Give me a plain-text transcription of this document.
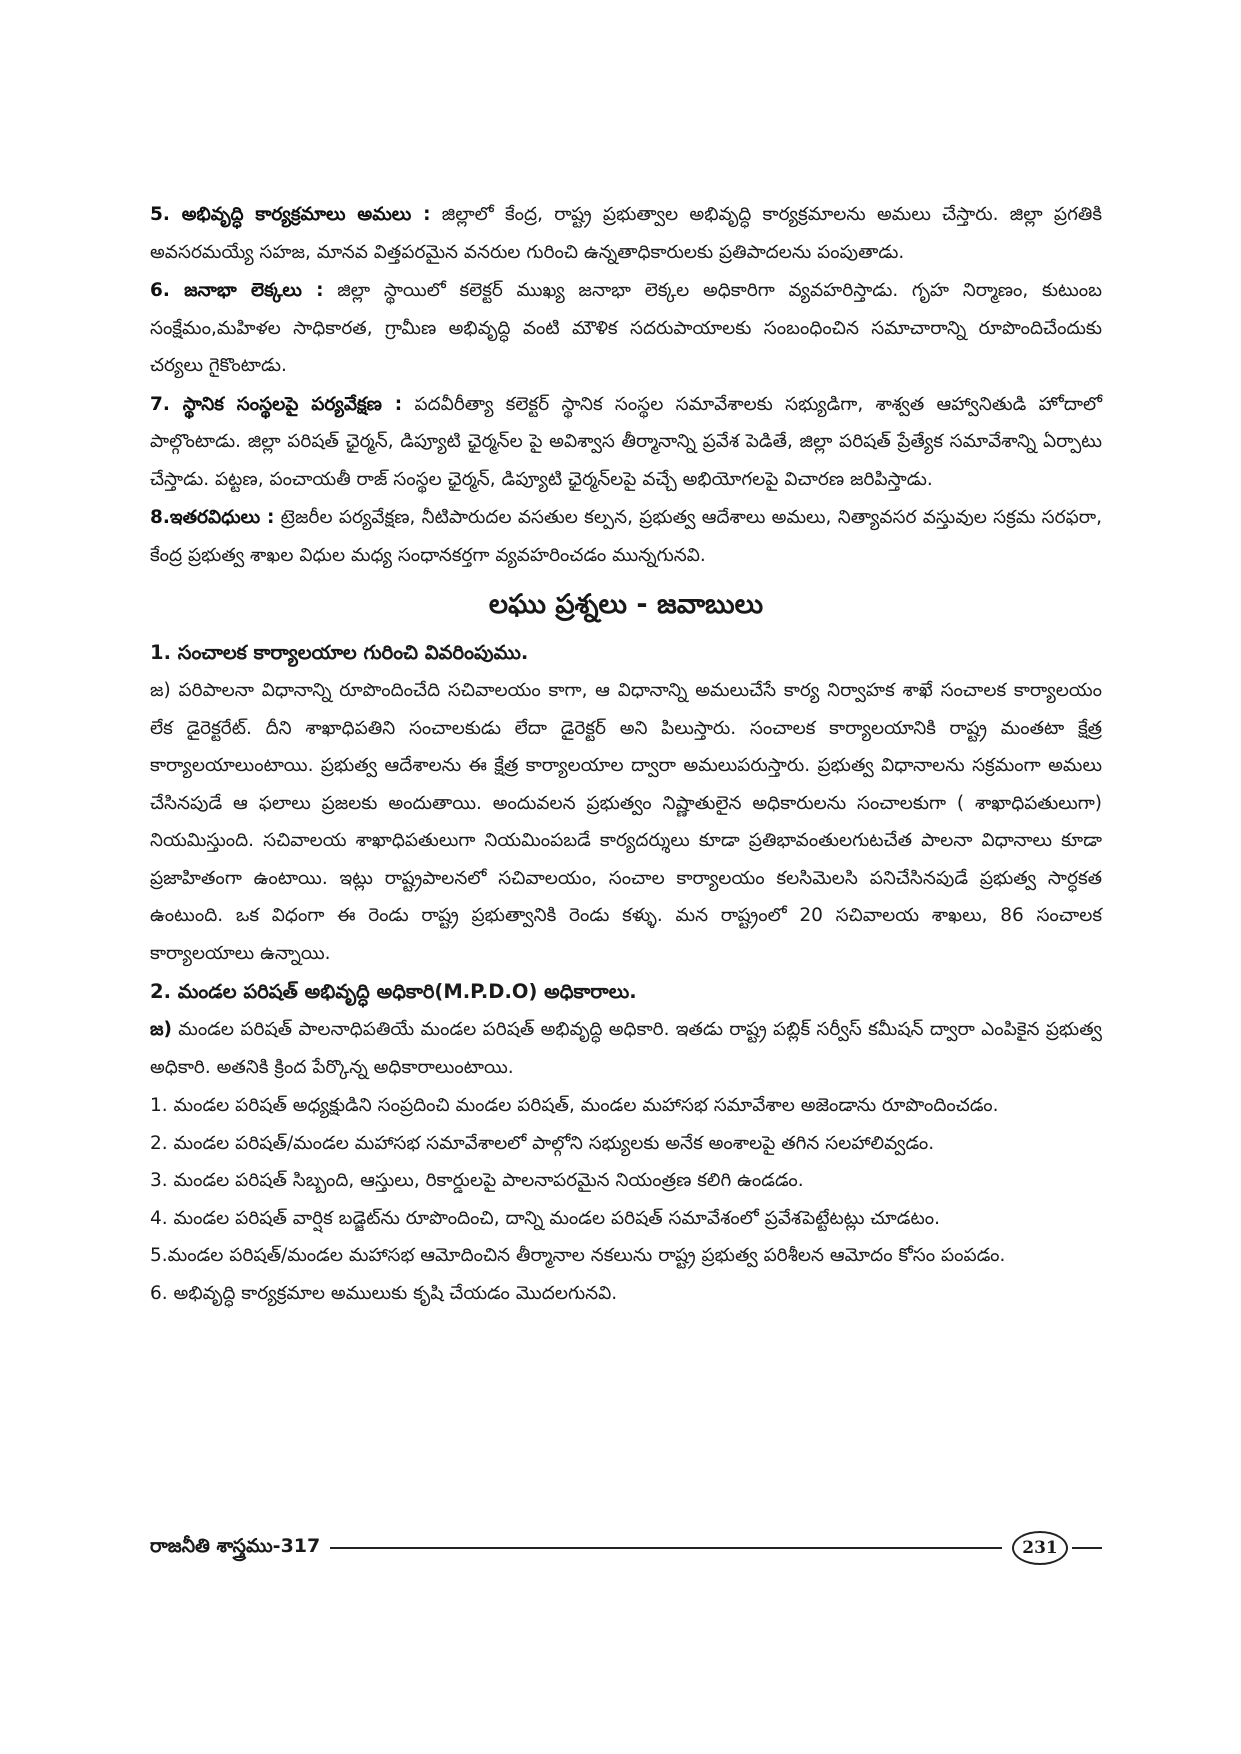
5. అభివృద్ధి కార్యక్రమాలు అమలు : జిల్లాలో కేంద్ర, రాష్ట్ర ప్రభుత్వాల అభివృద్ధి కార్యక్రమాలను అమలు చేస్తారు. జిల్లా ప్రగతికి అవసరమయ్యే సహజ, మానవ విత్తపరమైన వనరుల గురించి ఉన్నతాధికారులకు ప్రతిపాదలను పంపుతాడు.

6. జనాభా లెక్కలు : జిల్లా స్థాయిలో కలెక్టర్ ముఖ్య జనాభా లెక్కల అధికారిగా వ్యవహరిస్తాడు. గృహ నిర్మాణం, కుటుంబ సంక్షేమం,మహిళల సాధికారత, గ్రామీణ అభివృద్ధి వంటి మౌళిక సదరుపాయాలకు సంబంధించిన సమాచారాన్ని రూపొందిచేందుకు చర్యలు గైకొంటాడు.

7. స్థానిక సంస్థలపై పర్యవేక్షణ : పదవీరీత్యా కలెక్టర్ స్థానిక సంస్థల సమావేశాలకు సభ్యుడిగా, శాశ్వత ఆహ్వానితుడి హోదాలో పాల్గొంటాడు. జిల్లా పరిషత్ ఛైర్మన్, డిప్యూటి ఛైర్మన్‌ల పై అవిశ్వాస తీర్మానాన్ని ప్రవేశ పెడితే, జిల్లా పరిషత్ ప్రేత్యేక సమావేశాన్ని ఏర్పాటు చేస్తాడు. పట్టణ, పంచాయతీ రాజ్ సంస్థల ఛైర్మన్, డిప్యూటి ఛైర్మన్‌లపై వచ్చే అభియోగలపై విచారణ జరిపిస్తాడు.

8.ఇతరవిధులు : ట్రెజరీల పర్యవేక్షణ, నీటిపారుదల వసతుల కల్పన, ప్రభుత్వ ఆదేశాలు అమలు, నిత్యావసర వస్తువుల సక్రమ సరఫరా, కేంద్ర ప్రభుత్వ శాఖల విధుల మధ్య సంధానకర్తగా వ్యవహరించడం మున్నగునవి.

లఘు ప్రశ్నలు - జవాబులు

1. సంచాలక కార్యాలయాల గురించి వివరింపుము.

జ) పరిపాలనా విధానాన్ని రూపొందించేది సచివాలయం కాగా, ఆ విధానాన్ని అమలుచేసే కార్య నిర్వాహక శాఖే సంచాలక కార్యాలయం లేక డైరెక్టరేట్. దీని శాఖాధిపతిని సంచాలకుడు లేదా డైరెక్టర్ అని పిలుస్తారు. సంచాలక కార్యాలయానికి రాష్ట్ర మంతటా క్షేత్ర కార్యాలయాలుంటాయి. ప్రభుత్వ ఆదేశాలను ఈ క్షేత్ర కార్యాలయాల ద్వారా అమలుపరుస్తారు. ప్రభుత్వ విధానాలను సక్రమంగా అమలు చేసినపుడే ఆ ఫలాలు ప్రజలకు అందుతాయి. అందువలన ప్రభుత్వం నిష్ణాతులైన అధికారులను సంచాలకుగా ( శాఖాధిపతులుగా) నియమిస్తుంది. సచివాలయ శాఖాధిపతులుగా నియమింపబడే కార్యదర్శులు కూడా ప్రతిభావంతులగుటచేత పాలనా విధానాలు కూడా ప్రజాహితంగా ఉంటాయి. ఇట్లు రాష్ట్రపాలనలో సచివాలయం, సంచాల కార్యాలయం కలసిమెలసి పనిచేసినపుడే ప్రభుత్వ సార్ధకత ఉంటుంది. ఒక విధంగా ఈ రెండు రాష్ట్ర ప్రభుత్వానికి రెండు కళ్ళు. మన రాష్ట్రంలో 20 సచివాలయ శాఖలు, 86 సంచాలక కార్యాలయాలు ఉన్నాయి.

2. మండల పరిషత్ అభివృద్ధి అధికారి(M.P.D.O) అధికారాలు.

జ) మండల పరిషత్ పాలనాధిపతియే మండల పరిషత్ అభివృద్ధి అధికారి. ఇతడు రాష్ట్ర పబ్లిక్ సర్వీస్ కమీషన్ ద్వారా ఎంపికైన ప్రభుత్వ అధికారి. అతనికి క్రింద పేర్కొన్న అధికారాలుంటాయి.

1. మండల పరిషత్ అధ్యక్షుడిని సంప్రదించి మండల పరిషత్, మండల మహాసభ సమావేశాల అజెండాను రూపొందించడం.

2. మండల పరిషత్/మండల మహాసభ సమావేశాలలో పాల్గోని సభ్యులకు అనేక అంశాలపై తగిన సలహాలివ్వడం.

3. మండల పరిషత్ సిబ్బంది, ఆస్తులు, రికార్డులపై పాలనాపరమైన నియంత్రణ కలిగి ఉండడం.

4. మండల పరిషత్ వార్షిక బడ్జెట్‌ను రూపొందించి, దాన్ని మండల పరిషత్ సమావేశంలో ప్రవేశపెట్టేటట్లు చూడటం.

5.మండల పరిషత్/మండల మహాసభ ఆమోదించిన తీర్మానాల నకలును రాష్ట్ర ప్రభుత్వ పరిశీలన ఆమోదం కోసం పంపడం.

6. అభివృద్ధి కార్యక్రమాల అములుకు కృషి చేయడం మొదలగునవి.

రాజనీతి శాస్త్రము-317	231
